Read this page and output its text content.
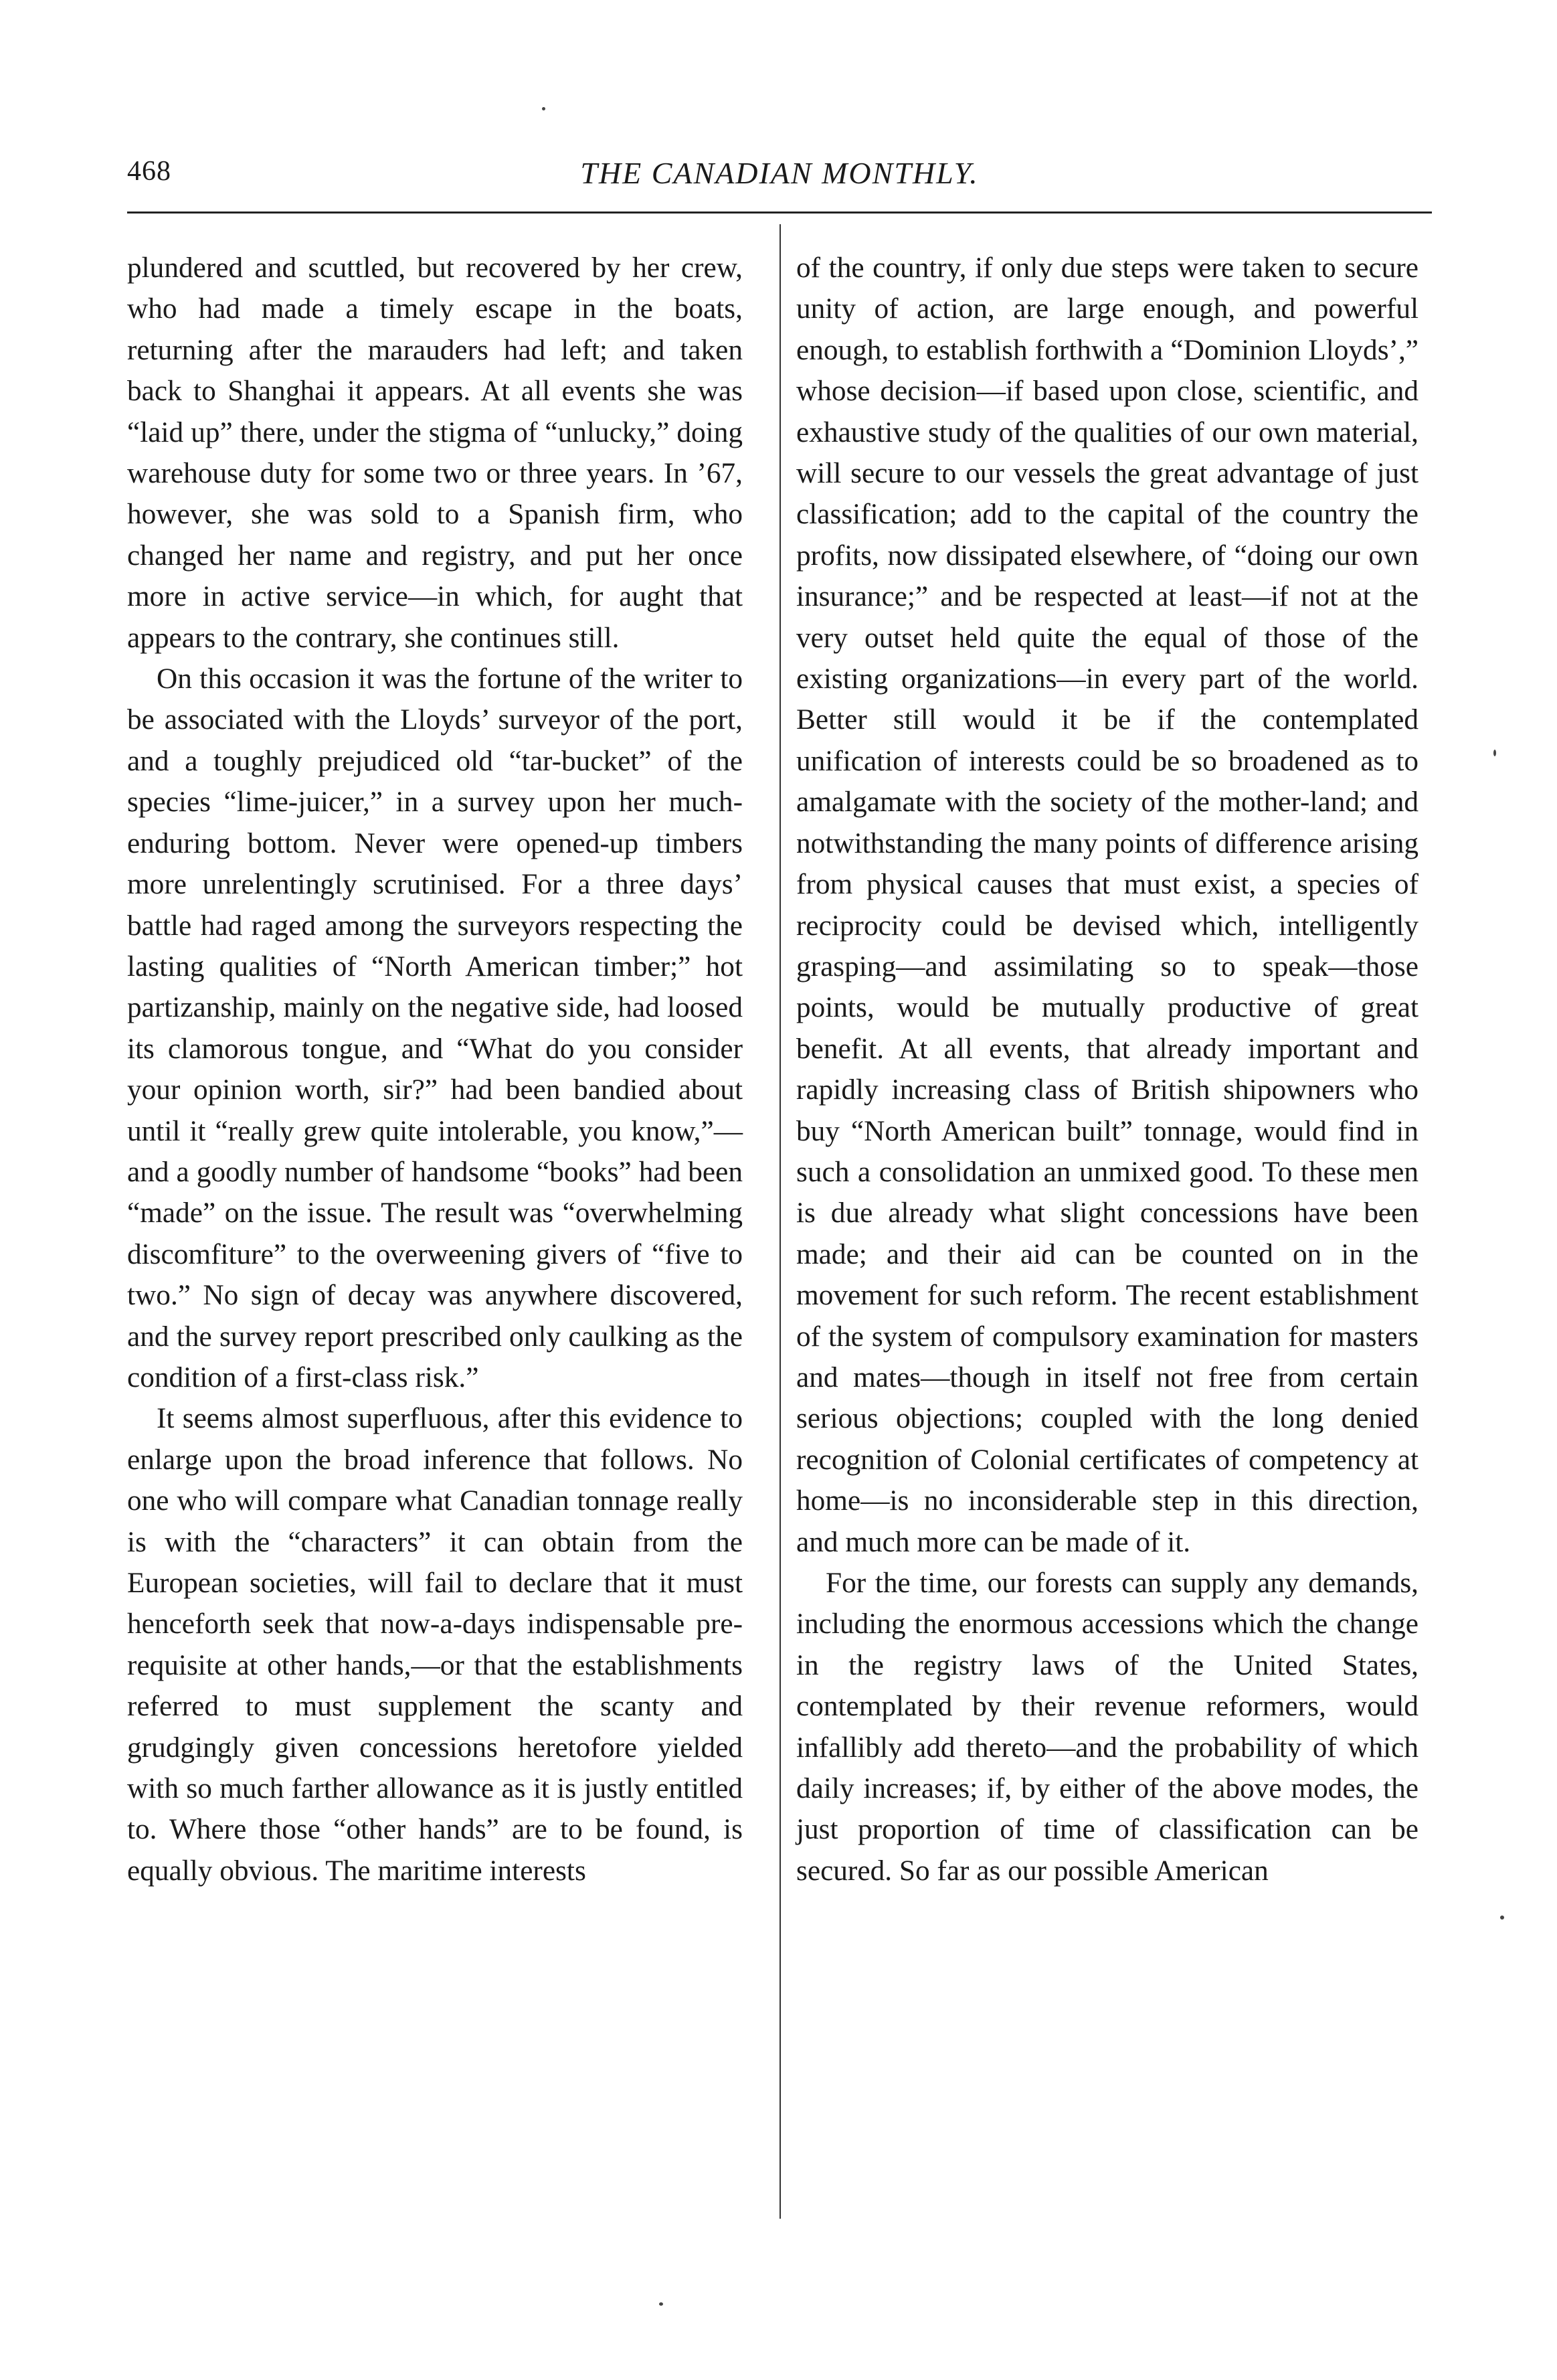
468	THE CANADIAN MONTHLY.

plundered and scuttled, but recovered by her crew, who had made a timely escape in the boats, returning after the marauders had left; and taken back to Shanghai it appears. At all events she was “laid up” there, under the stigma of “unlucky,” doing warehouse duty for some two or three years. In ’67, however, she was sold to a Spanish firm, who changed her name and registry, and put her once more in active service—in which, for aught that appears to the contrary, she continues still.

On this occasion it was the fortune of the writer to be associated with the Lloyds’ surveyor of the port, and a toughly prejudiced old “tar-bucket” of the species “lime-juicer,” in a survey upon her much-enduring bottom. Never were opened-up timbers more unrelentingly scrutinised. For a three days’ battle had raged among the surveyors respecting the lasting qualities of “North American timber;” hot partizanship, mainly on the negative side, had loosed its clamorous tongue, and “What do you consider your opinion worth, sir?” had been bandied about until it “really grew quite intolerable, you know,”—and a goodly number of handsome “books” had been “made” on the issue. The result was “overwhelming discomfiture” to the overweening givers of “five to two.” No sign of decay was anywhere discovered, and the survey report prescribed only caulking as the condition of a first-class risk.”

It seems almost superfluous, after this evidence to enlarge upon the broad inference that follows. No one who will compare what Canadian tonnage really is with the “characters” it can obtain from the European societies, will fail to declare that it must henceforth seek that now-a-days indispensable pre-requisite at other hands,—or that the establishments referred to must supplement the scanty and grudgingly given concessions heretofore yielded with so much farther allowance as it is justly entitled to. Where those “other hands” are to be found, is equally obvious. The maritime interests

of the country, if only due steps were taken to secure unity of action, are large enough, and powerful enough, to establish forthwith a “Dominion Lloyds’,” whose decision—if based upon close, scientific, and exhaustive study of the qualities of our own material, will secure to our vessels the great advantage of just classification; add to the capital of the country the profits, now dissipated elsewhere, of “doing our own insurance;” and be respected at least—if not at the very outset held quite the equal of those of the existing organizations—in every part of the world. Better still would it be if the contemplated unification of interests could be so broadened as to amalgamate with the society of the mother-land; and notwithstanding the many points of difference arising from physical causes that must exist, a species of reciprocity could be devised which, intelligently grasping—and assimilating so to speak—those points, would be mutually productive of great benefit. At all events, that already important and rapidly increasing class of British shipowners who buy “North American built” tonnage, would find in such a consolidation an unmixed good. To these men is due already what slight concessions have been made; and their aid can be counted on in the movement for such reform. The recent establishment of the system of compulsory examination for masters and mates—though in itself not free from certain serious objections; coupled with the long denied recognition of Colonial certificates of competency at home—is no inconsiderable step in this direction, and much more can be made of it.

For the time, our forests can supply any demands, including the enormous accessions which the change in the registry laws of the United States, contemplated by their revenue reformers, would infallibly add thereto—and the probability of which daily increases; if, by either of the above modes, the just proportion of time of classification can be secured. So far as our possible American
